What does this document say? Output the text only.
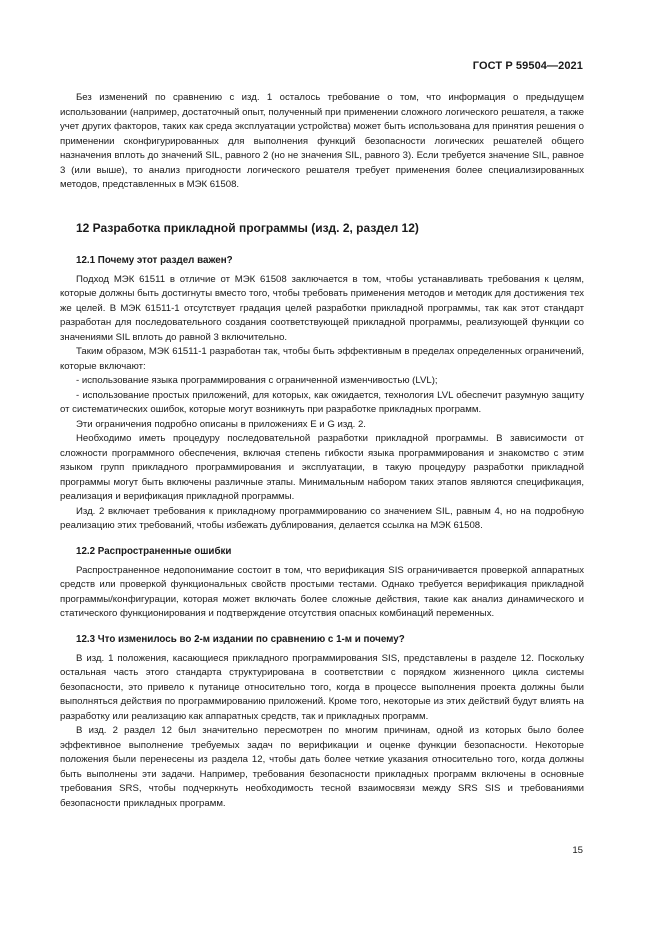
ГОСТ Р 59504—2021

Без изменений по сравнению с изд. 1 осталось требование о том, что информация о предыдущем использовании (например, достаточный опыт, полученный при применении сложного логического решателя, а также учет других факторов, таких как среда эксплуатации устройства) может быть использована для принятия решения о применении сконфигурированных для выполнения функций безопасности логических решателей общего назначения вплоть до значений SIL, равного 2 (но не значения SIL, равного 3). Если требуется значение SIL, равное 3 (или выше), то анализ пригодности логического решателя требует применения более специализированных методов, представленных в МЭК 61508.

12 Разработка прикладной программы (изд. 2, раздел 12)
12.1 Почему этот раздел важен?

Подход МЭК 61511 в отличие от МЭК 61508 заключается в том, чтобы устанавливать требования к целям, которые должны быть достигнуты вместо того, чтобы требовать применения методов и методик для достижения тех же целей. В МЭК 61511-1 отсутствует градация целей разработки прикладной программы, так как этот стандарт разработан для последовательного создания соответствующей прикладной программы, реализующей функции со значениями SIL вплоть до равной 3 включительно.

Таким образом, МЭК 61511-1 разработан так, чтобы быть эффективным в пределах определенных ограничений, которые включают:

- использование языка программирования с ограниченной изменчивостью (LVL);

- использование простых приложений, для которых, как ожидается, технология LVL обеспечит разумную защиту от систематических ошибок, которые могут возникнуть при разработке прикладных программ.

Эти ограничения подробно описаны в приложениях Е и G изд. 2.

Необходимо иметь процедуру последовательной разработки прикладной программы. В зависимости от сложности программного обеспечения, включая степень гибкости языка программирования и знакомство с этим языком групп прикладного программирования и эксплуатации, в такую процедуру разработки прикладной программы могут быть включены различные этапы. Минимальным набором таких этапов являются спецификация, реализация и верификация прикладной программы.

Изд. 2 включает требования к прикладному программированию со значением SIL, равным 4, но на подробную реализацию этих требований, чтобы избежать дублирования, делается ссылка на МЭК 61508.

12.2 Распространенные ошибки

Распространенное недопонимание состоит в том, что верификация SIS ограничивается проверкой аппаратных средств или проверкой функциональных свойств простыми тестами. Однако требуется верификация прикладной программы/конфигурации, которая может включать более сложные действия, такие как анализ динамического и статического функционирования и подтверждение отсутствия опасных комбинаций переменных.

12.3 Что изменилось во 2-м издании по сравнению с 1-м и почему?

В изд. 1 положения, касающиеся прикладного программирования SIS, представлены в разделе 12. Поскольку остальная часть этого стандарта структурирована в соответствии с порядком жизненного цикла системы безопасности, это привело к путанице относительно того, когда в процессе выполнения проекта должны были выполняться действия по программированию приложений. Кроме того, некоторые из этих действий будут влиять на разработку или реализацию как аппаратных средств, так и прикладных программ.

В изд. 2 раздел 12 был значительно пересмотрен по многим причинам, одной из которых было более эффективное выполнение требуемых задач по верификации и оценке функции безопасности. Некоторые положения были перенесены из раздела 12, чтобы дать более четкие указания относительно того, когда должны быть выполнены эти задачи. Например, требования безопасности прикладных программ включены в основные требования SRS, чтобы подчеркнуть необходимость тесной взаимосвязи между SRS SIS и требованиями безопасности прикладных программ.

15
